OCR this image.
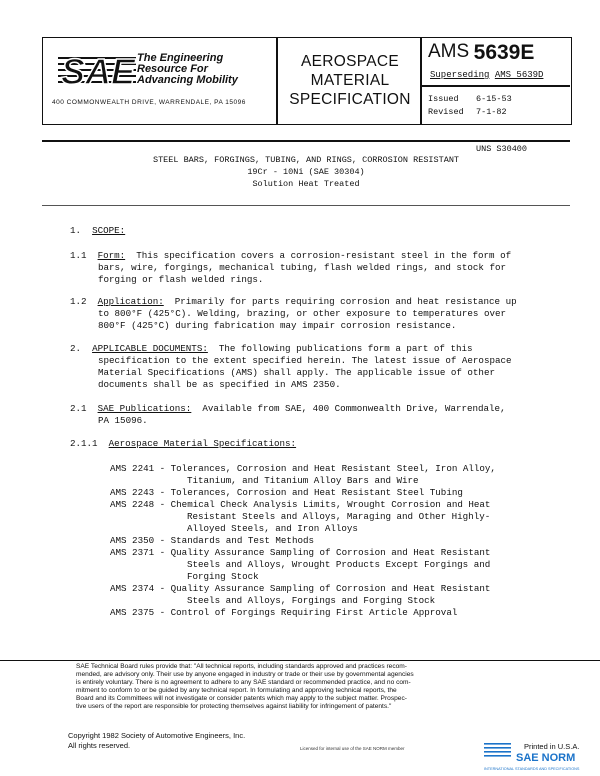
SAE The Engineering
Resource For
Advancing Mobility
400 COMMONWEALTH DRIVE, WARRENDALE, PA 15096
AEROSPACE
MATERIAL
SPECIFICATION
AMS 5639E
Superseding AMS 5639D
Issued	6-15-53
Revised	7-1-82
UNS S30400
STEEL BARS, FORGINGS, TUBING, AND RINGS, CORROSION RESISTANT
19Cr - 10Ni (SAE 30304)
Solution Heat Treated
1. SCOPE:
1.1 Form: This specification covers a corrosion-resistant steel in the form of
bars, wire, forgings, mechanical tubing, flash welded rings, and stock for
forging or flash welded rings.
1.2 Application: Primarily for parts requiring corrosion and heat resistance up
to 800°F (425°C). Welding, brazing, or other exposure to temperatures over
800°F (425°C) during fabrication may impair corrosion resistance.
2. APPLICABLE DOCUMENTS: The following publications form a part of this
specification to the extent specified herein. The latest issue of Aerospace
Material Specifications (AMS) shall apply. The applicable issue of other
documents shall be as specified in AMS 2350.
2.1 SAE Publications: Available from SAE, 400 Commonwealth Drive, Warrendale,
PA 15096.
2.1.1 Aerospace Material Specifications:
AMS 2241 - Tolerances, Corrosion and Heat Resistant Steel, Iron Alloy,
Titanium, and Titanium Alloy Bars and Wire
AMS 2243 - Tolerances, Corrosion and Heat Resistant Steel Tubing
AMS 2248 - Chemical Check Analysis Limits, Wrought Corrosion and Heat
Resistant Steels and Alloys, Maraging and Other Highly-
Alloyed Steels, and Iron Alloys
AMS 2350 - Standards and Test Methods
AMS 2371 - Quality Assurance Sampling of Corrosion and Heat Resistant
Steels and Alloys, Wrought Products Except Forgings and
Forging Stock
AMS 2374 - Quality Assurance Sampling of Corrosion and Heat Resistant
Steels and Alloys, Forgings and Forging Stock
AMS 2375 - Control of Forgings Requiring First Article Approval
SAE Technical Board rules provide that: "All technical reports, including standards approved and practices recom-
mended, are advisory only. Their use by anyone engaged in industry or trade or their use by governmental agencies
is entirely voluntary. There is no agreement to adhere to any SAE standard or recommended practice, and no com-
mitment to conform to or be guided by any technical report. In formulating and approving technical reports, the
Board and its Committees will not investigate or consider patents which may apply to the subject matter. Prospec-
tive users of the report are responsible for protecting themselves against liability for infringement of patents."
Copyright 1982 Society of Automotive Engineers, Inc.
All rights reserved.	Licensed for internal use of the SAE NORM member	Printed in U.S.A.
SAE NORM
INTERNATIONAL STANDARDS AND SPECIFICATIONS
